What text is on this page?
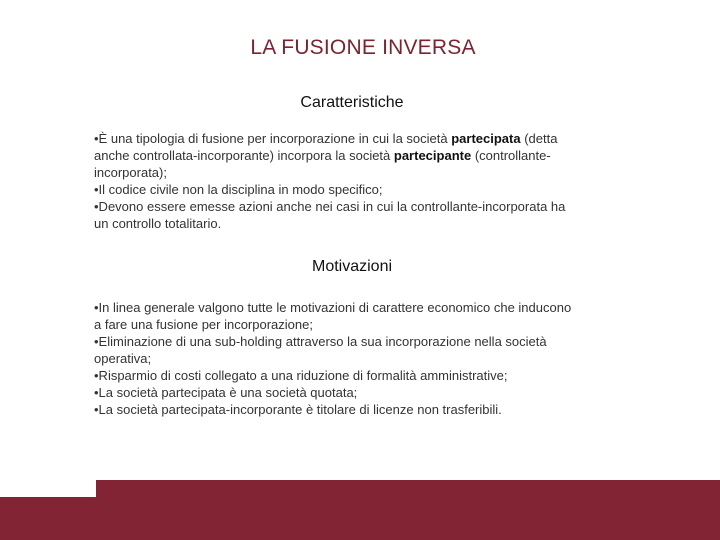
LA FUSIONE INVERSA
Caratteristiche
•È una tipologia di fusione per incorporazione in cui la società partecipata (detta
anche controllata-incorporante) incorpora la società partecipante (controllante-
incorporata);
•Il codice civile non la disciplina in modo specifico;
•Devono essere emesse azioni anche nei casi in cui la controllante-incorporata ha
un controllo totalitario.
Motivazioni
•In linea generale valgono tutte le motivazioni di carattere economico che inducono
a fare una fusione per incorporazione;
•Eliminazione di una sub-holding attraverso la sua incorporazione nella società
operativa;
•Risparmio di costi collegato a una riduzione di formalità amministrative;
•La società partecipata è una società quotata;
•La società partecipata-incorporante è titolare di licenze non trasferibili.
